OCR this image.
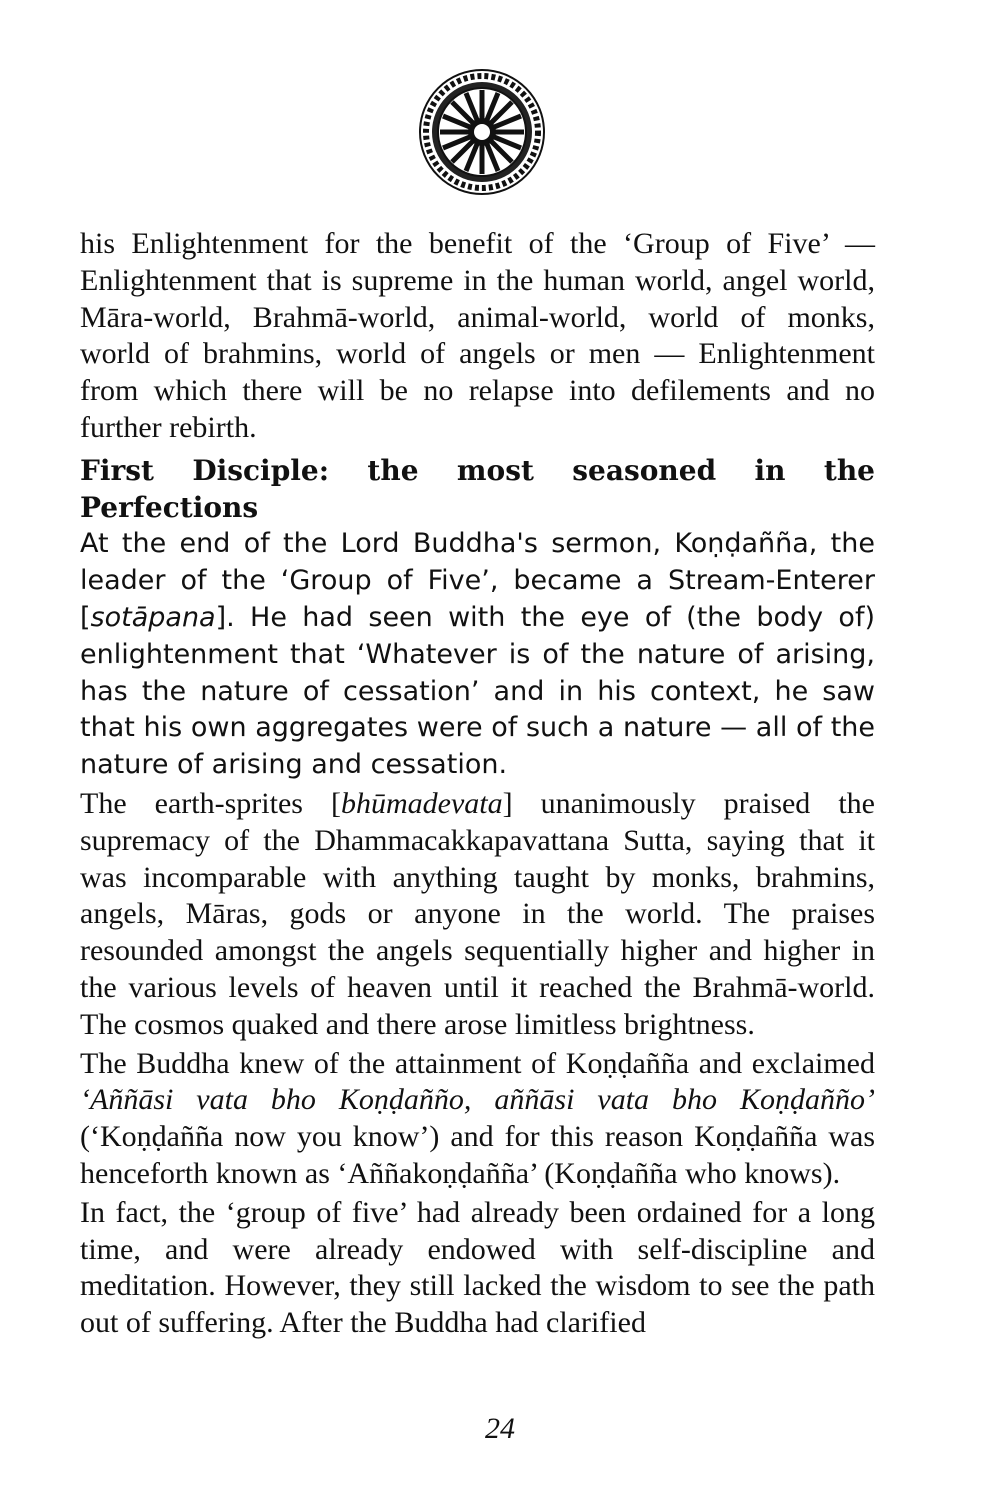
his Enlightenment for the benefit of the ‘Group of Five’ — Enlightenment that is supreme in the human world, angel world, Māra-world, Brahmā-world, animal-world, world of monks, world of brahmins, world of angels or men — Enlightenment from which there will be no relapse into defilements and no further rebirth.

First Disciple: the most seasoned in the Perfections

At the end of the Lord Buddha's sermon, Koṇḍañña, the leader of the ‘Group of Five’, became a Stream-Enterer [sotāpana]. He had seen with the eye of (the body of) enlightenment that ‘Whatever is of the nature of arising, has the nature of cessation’ and in his context, he saw that his own aggregates were of such a nature — all of the nature of arising and cessation.

The earth-sprites [bhūmadevata] unanimously praised the supremacy of the Dhammacakkapavattana Sutta, saying that it was incomparable with anything taught by monks, brahmins, angels, Māras, gods or anyone in the world. The praises resounded amongst the angels sequentially higher and higher in the various levels of heaven until it reached the Brahmā-world. The cosmos quaked and there arose limitless brightness.

The Buddha knew of the attainment of Koṇḍañña and exclaimed ‘Aññāsi vata bho Koṇḍañño, aññāsi vata bho Koṇḍañño’ (‘Koṇḍañña now you know’) and for this reason Koṇḍañña was henceforth known as ‘Aññakoṇḍañña’ (Koṇḍañña who knows).

In fact, the ‘group of five’ had already been ordained for a long time, and were already endowed with self-discipline and meditation. However, they still lacked the wisdom to see the path out of suffering. After the Buddha had clarified

24
